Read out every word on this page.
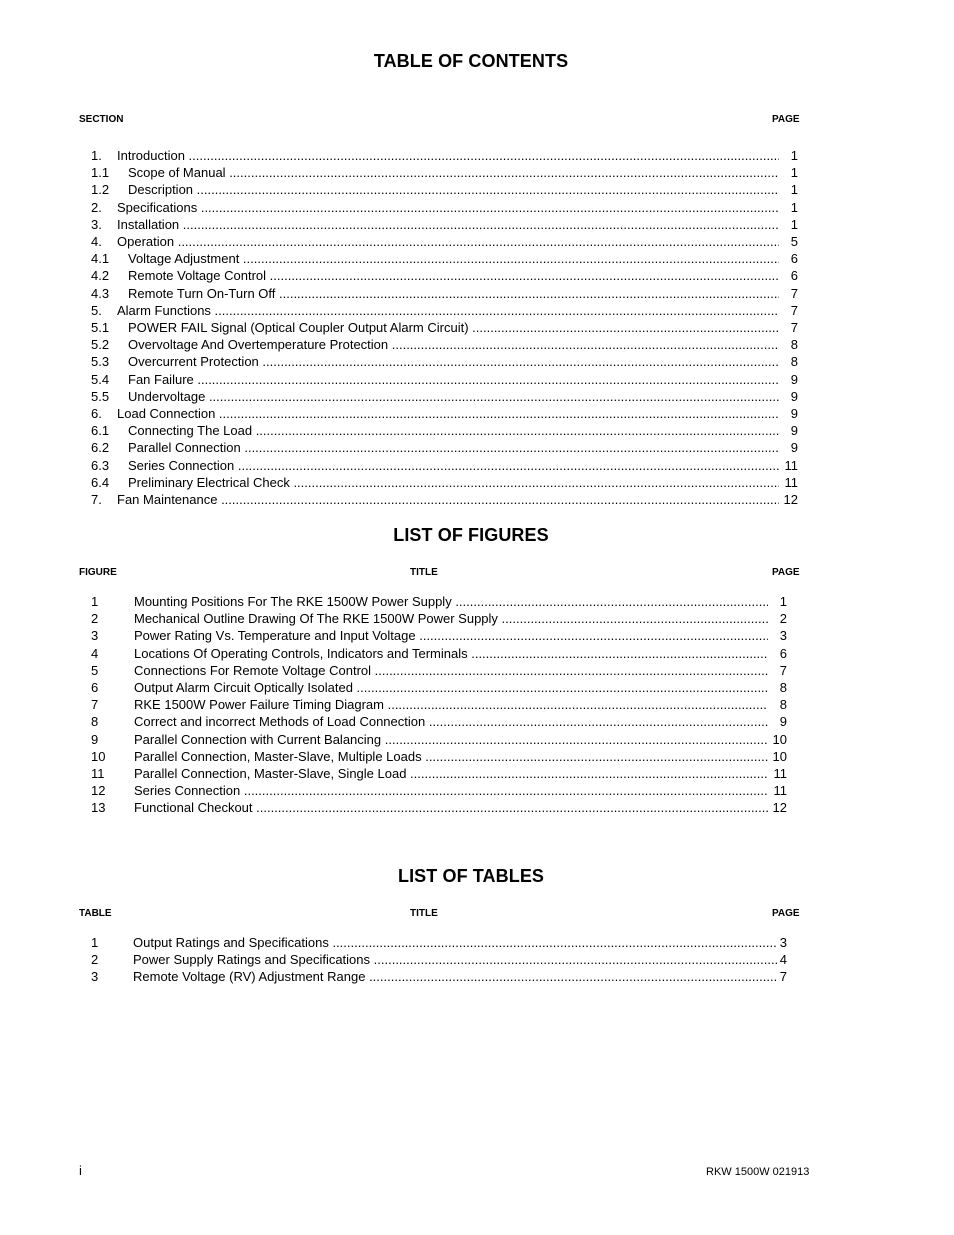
TABLE OF CONTENTS
SECTION	PAGE
1. Introduction .....	1
1.1 Scope of Manual .....	1
1.2 Description .....	1
2. Specifications .....	1
3. Installation .....	1
4. Operation .....	5
4.1 Voltage Adjustment .....	6
4.2 Remote Voltage Control .....	6
4.3 Remote Turn On-Turn Off .....	7
5. Alarm Functions .....	7
5.1 POWER FAIL Signal (Optical Coupler Output Alarm Circuit) .....	7
5.2 Overvoltage And Overtemperature Protection .....	8
5.3 Overcurrent Protection .....	8
5.4 Fan Failure .....	9
5.5 Undervoltage .....	9
6. Load Connection .....	9
6.1 Connecting The Load .....	9
6.2 Parallel Connection .....	9
6.3 Series Connection .....	11
6.4 Preliminary Electrical Check .....	11
7. Fan Maintenance .....	12
LIST OF FIGURES
FIGURE	TITLE	PAGE
1	Mounting Positions For The RKE 1500W Power Supply .....	1
2	Mechanical Outline Drawing Of The RKE 1500W Power Supply .....	2
3	Power Rating Vs. Temperature and Input Voltage .....	3
4	Locations Of Operating Controls, Indicators and Terminals .....	6
5	Connections For Remote Voltage Control .....	7
6	Output Alarm Circuit Optically Isolated .....	8
7	RKE 1500W Power Failure Timing Diagram .....	8
8	Correct and incorrect Methods of Load Connection .....	9
9	Parallel Connection with Current Balancing .....	10
10 Parallel Connection, Master-Slave, Multiple Loads .....	10
11 Parallel Connection, Master-Slave, Single Load .....	11
12 Series Connection .....	11
13 Functional Checkout .....	12
LIST OF TABLES
TABLE	TITLE	PAGE
1	Output Ratings and Specifications .....	3
2	Power Supply Ratings and Specifications .....	4
3	Remote Voltage (RV) Adjustment Range .....	7
i	RKW 1500W 021913
